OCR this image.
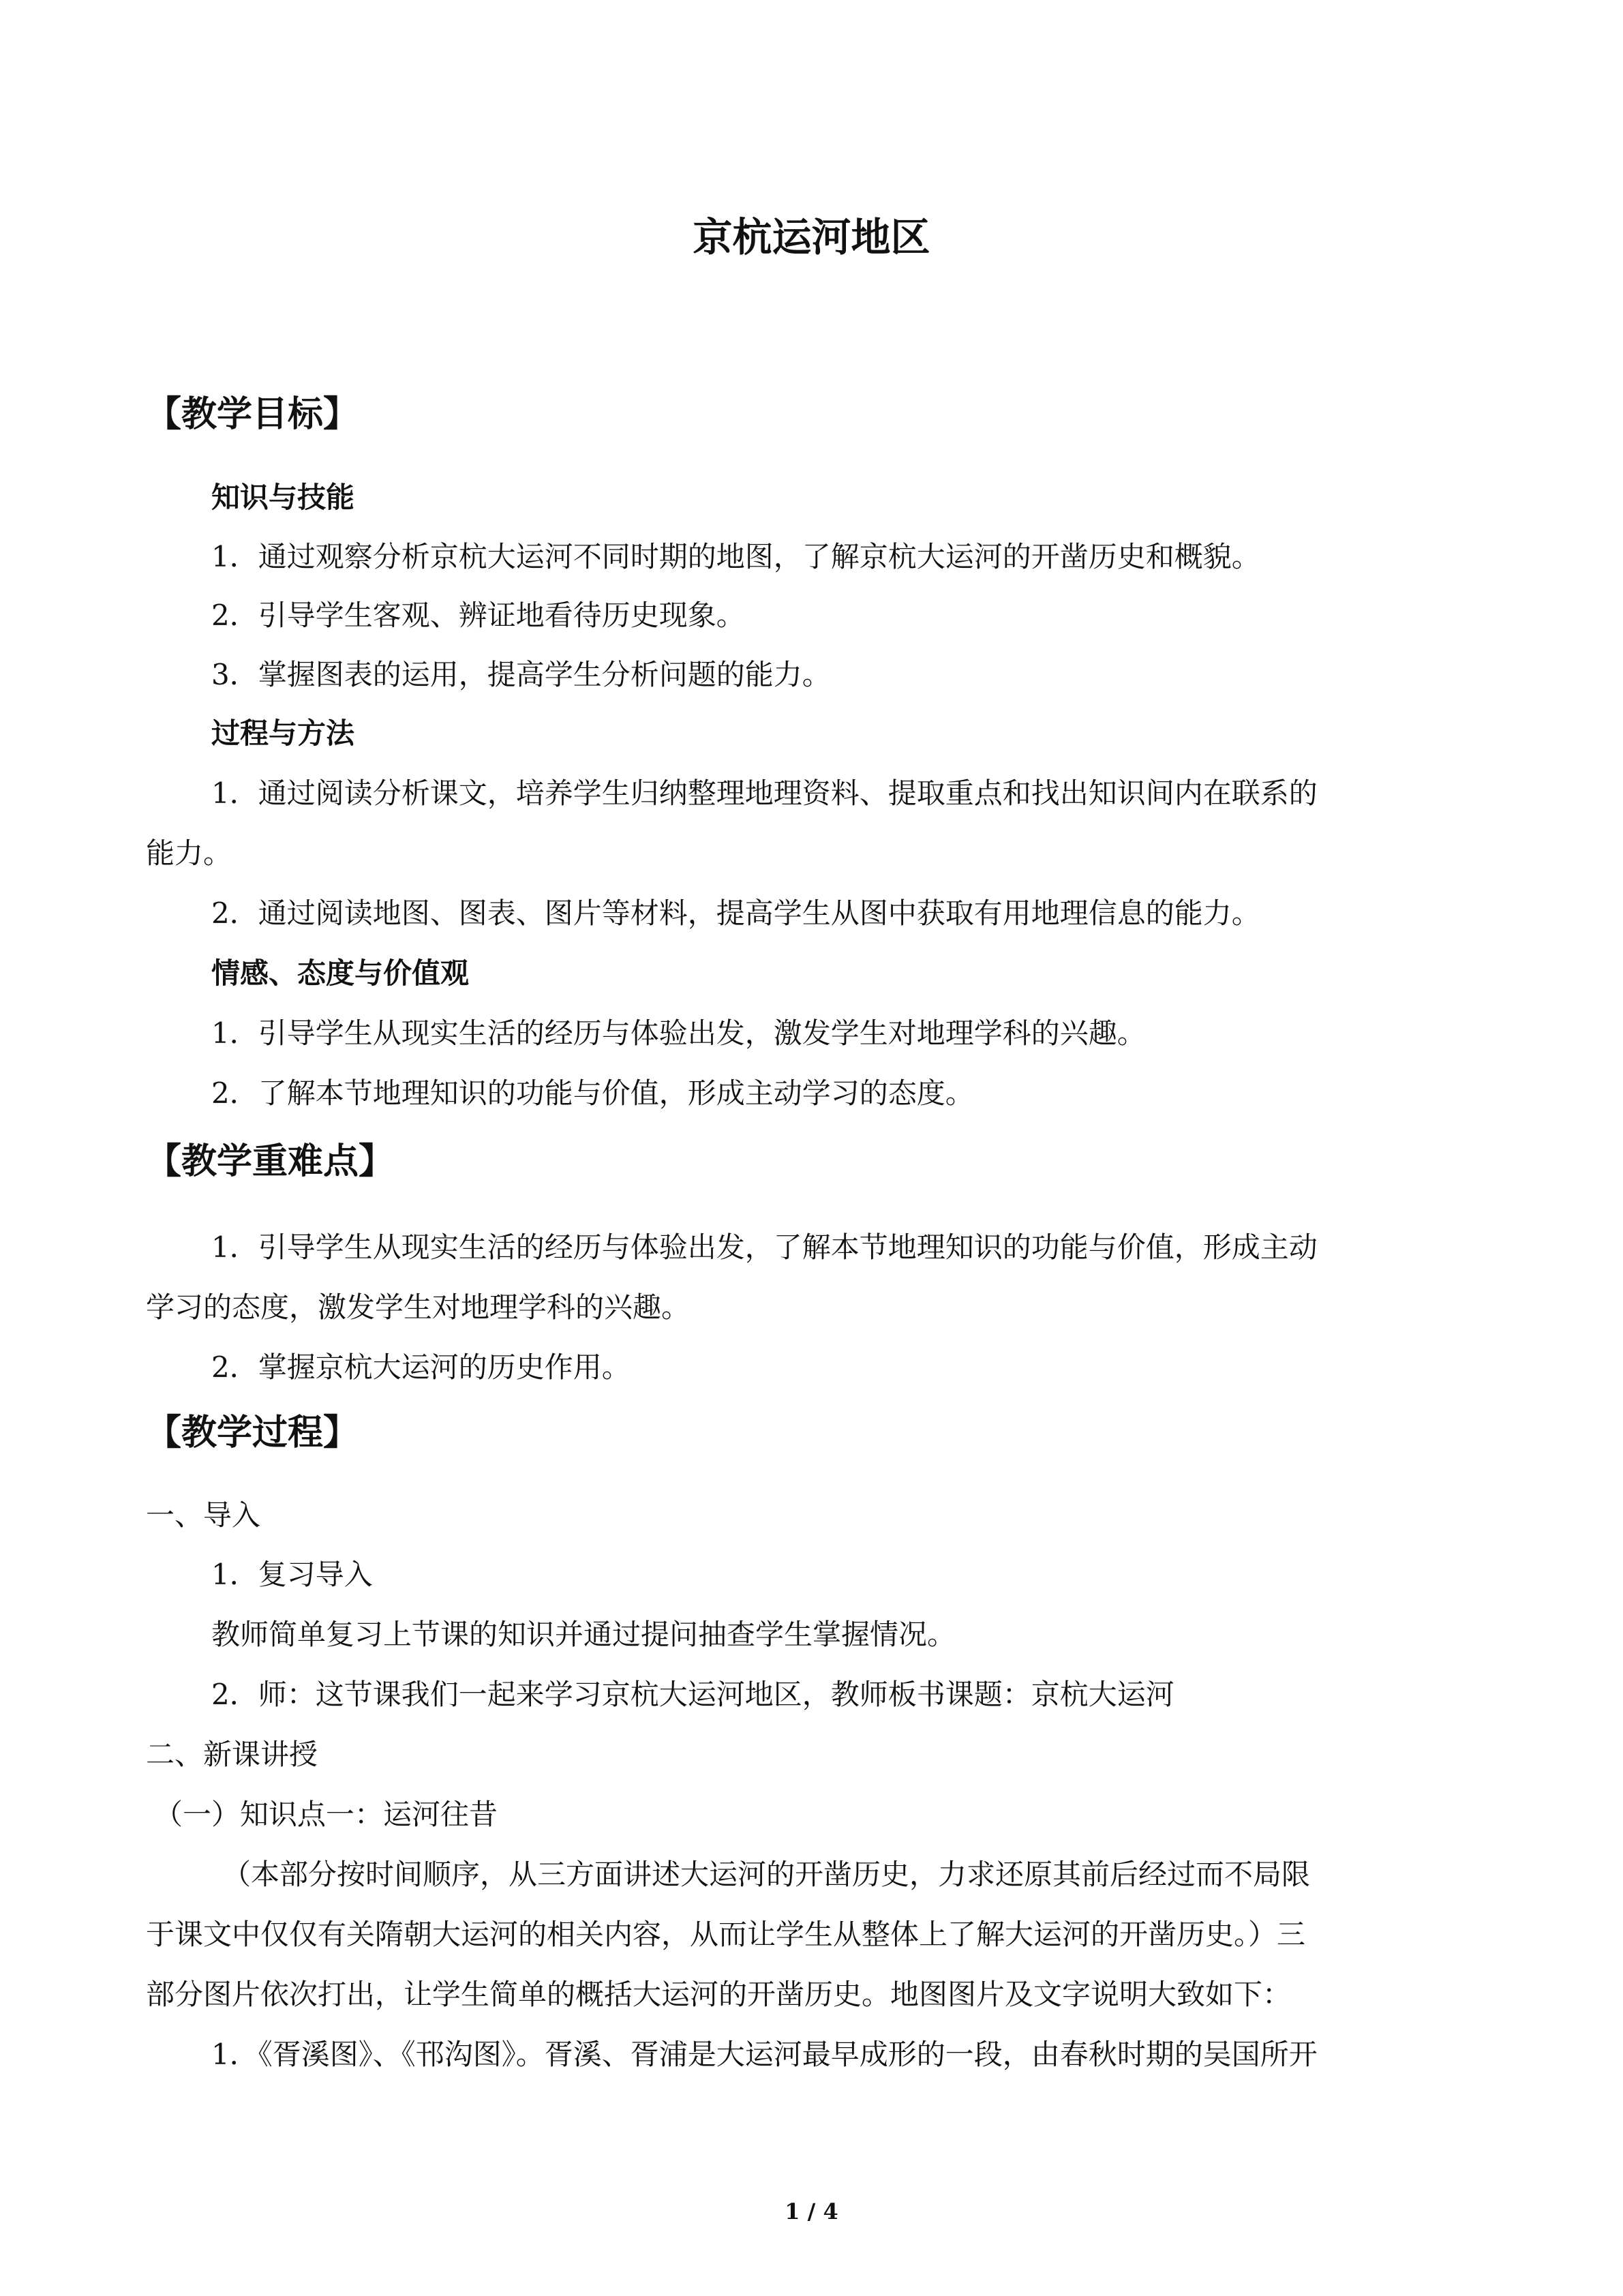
京杭运河地区
【教学目标】
知识与技能

1．通过观察分析京杭大运河不同时期的地图，了解京杭大运河的开凿历史和概貌。

2．引导学生客观、辨证地看待历史现象。

3．掌握图表的运用，提高学生分析问题的能力。

过程与方法

1．通过阅读分析课文，培养学生归纳整理地理资料、提取重点和找出知识间内在联系的

能力。

2．通过阅读地图、图表、图片等材料，提高学生从图中获取有用地理信息的能力。

情感、态度与价值观

1．引导学生从现实生活的经历与体验出发，激发学生对地理学科的兴趣。

2．了解本节地理知识的功能与价值，形成主动学习的态度。

【教学重难点】

1．引导学生从现实生活的经历与体验出发，了解本节地理知识的功能与价值，形成主动

学习的态度，激发学生对地理学科的兴趣。

2．掌握京杭大运河的历史作用。

【教学过程】

一、导入

1．复习导入

教师简单复习上节课的知识并通过提问抽查学生掌握情况。

2．师：这节课我们一起来学习京杭大运河地区，教师板书课题：京杭大运河

二、新课讲授

（一）知识点一：运河往昔

（本部分按时间顺序，从三方面讲述大运河的开凿历史，力求还原其前后经过而不局限

于课文中仅仅有关隋朝大运河的相关内容，从而让学生从整体上了解大运河的开凿历史。）三

部分图片依次打出，让学生简单的概括大运河的开凿历史。地图图片及文字说明大致如下：

1．《胥溪图》、《邗沟图》。胥溪、胥浦是大运河最早成形的一段，由春秋时期的吴国所开

1 / 4
